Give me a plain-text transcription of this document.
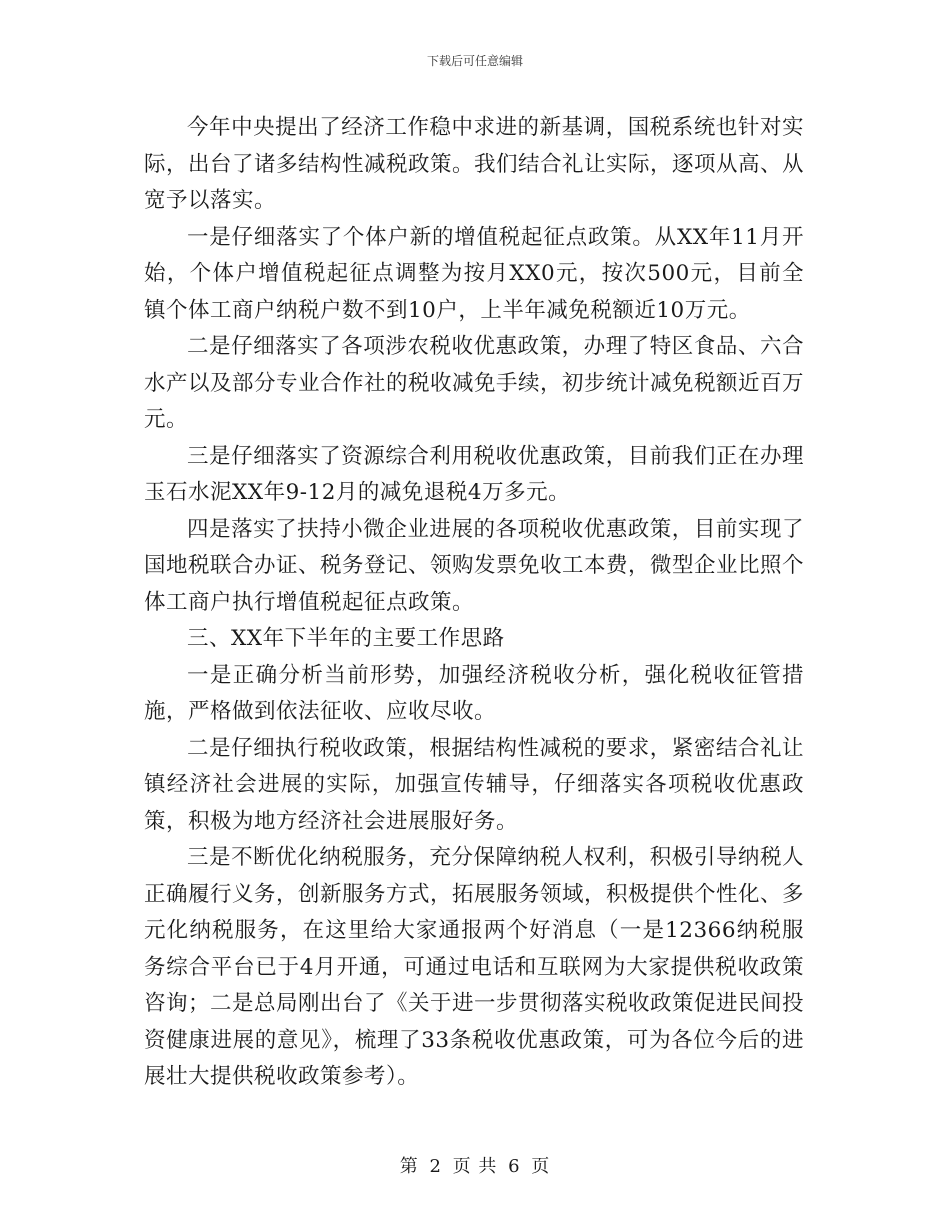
下载后可任意编辑

今年中央提出了经济工作稳中求进的新基调，国税系统也针对实际，出台了诸多结构性减税政策。我们结合礼让实际，逐项从高、从宽予以落实。

一是仔细落实了个体户新的增值税起征点政策。从XX年11月开始，个体户增值税起征点调整为按月XX0元，按次500元，目前全镇个体工商户纳税户数不到10户，上半年减免税额近10万元。

二是仔细落实了各项涉农税收优惠政策，办理了特区食品、六合水产以及部分专业合作社的税收减免手续，初步统计减免税额近百万元。

三是仔细落实了资源综合利用税收优惠政策，目前我们正在办理玉石水泥XX年9-12月的减免退税4万多元。

四是落实了扶持小微企业进展的各项税收优惠政策，目前实现了国地税联合办证、税务登记、领购发票免收工本费，微型企业比照个体工商户执行增值税起征点政策。

三、XX年下半年的主要工作思路

一是正确分析当前形势，加强经济税收分析，强化税收征管措施，严格做到依法征收、应收尽收。

二是仔细执行税收政策，根据结构性减税的要求，紧密结合礼让镇经济社会进展的实际，加强宣传辅导，仔细落实各项税收优惠政策，积极为地方经济社会进展服好务。

三是不断优化纳税服务，充分保障纳税人权利，积极引导纳税人正确履行义务，创新服务方式，拓展服务领域，积极提供个性化、多元化纳税服务，在这里给大家通报两个好消息（一是12366纳税服务综合平台已于4月开通，可通过电话和互联网为大家提供税收政策咨询；二是总局刚出台了《关于进一步贯彻落实税收政策促进民间投资健康进展的意见》，梳理了33条税收优惠政策，可为各位今后的进展壮大提供税收政策参考）。

第 2 页 共 6 页
